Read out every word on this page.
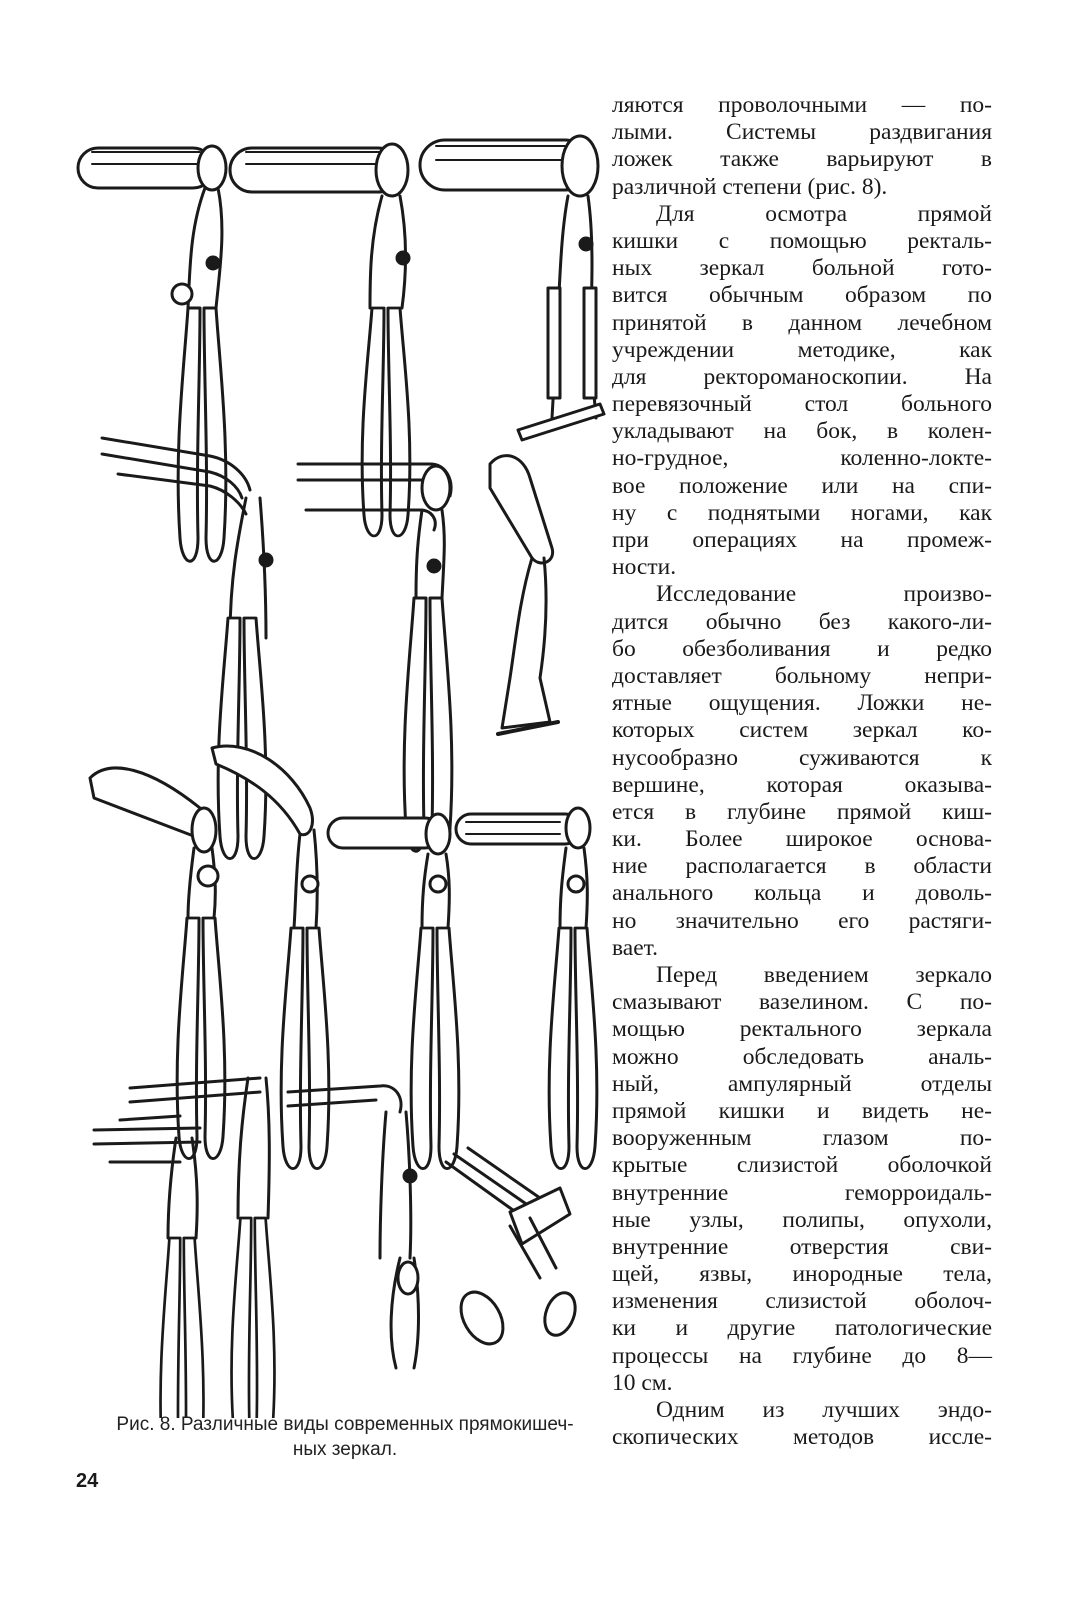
Рис. 8. Различные виды современных прямокишеч-
ных зеркал.
24
ляются проволочными — по-
лыми. Системы раздвигания
ложек также варьируют в
различной степени (рис. 8).
Для осмотра прямой
кишки с помощью ректаль-
ных зеркал больной гото-
вится обычным образом по
принятой в данном лечебном
учреждении методике, как
для ректороманоскопии. На
перевязочный стол больного
укладывают на бок, в колен-
но-грудное, коленно-локте-
вое положение или на спи-
ну с поднятыми ногами, как
при операциях на промеж-
ности.
Исследование произво-
дится обычно без какого-ли-
бо обезболивания и редко
доставляет больному непри-
ятные ощущения. Ложки не-
которых систем зеркал ко-
нусообразно суживаются к
вершине, которая оказыва-
ется в глубине прямой киш-
ки. Более широкое основа-
ние располагается в области
анального кольца и доволь-
но значительно его растяги-
вает.
Перед введением зеркало
смазывают вазелином. С по-
мощью ректального зеркала
можно обследовать аналь-
ный, ампулярный отделы
прямой кишки и видеть не-
вооруженным глазом по-
крытые слизистой оболочкой
внутренние геморроидаль-
ные узлы, полипы, опухоли,
внутренние отверстия сви-
щей, язвы, инородные тела,
изменения слизистой оболоч-
ки и другие патологические
процессы на глубине до 8—
10 см.
Одним из лучших эндо-
скопических методов иссле-
